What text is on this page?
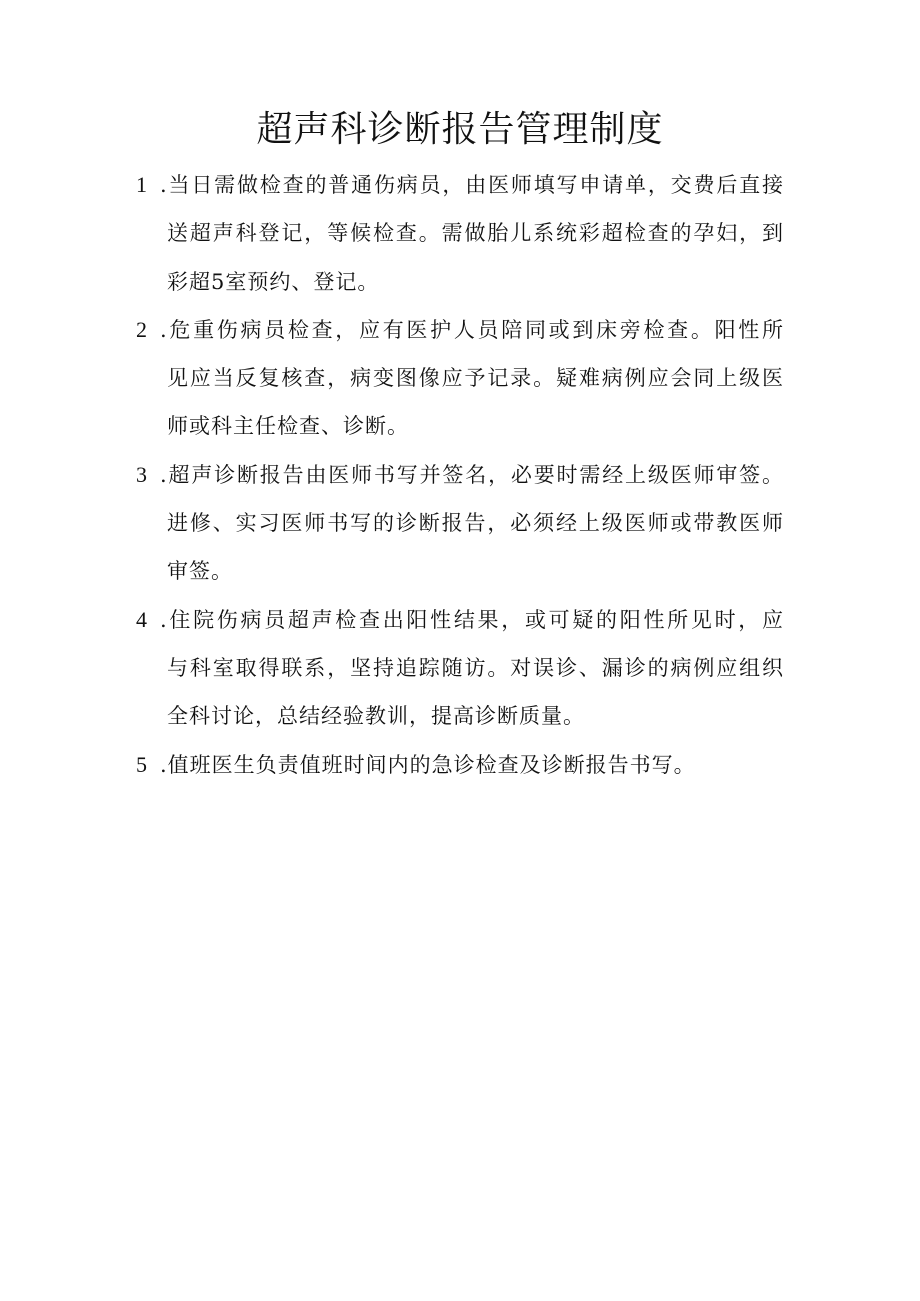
超声科诊断报告管理制度
1 .当日需做检查的普通伤病员，由医师填写申请单，交费后直接
送超声科登记，等候检查。需做胎儿系统彩超检查的孕妇，到
彩超5室预约、登记。
2 .危重伤病员检查，应有医护人员陪同或到床旁检查。阳性所
见应当反复核查，病变图像应予记录。疑难病例应会同上级医
师或科主任检查、诊断。
3 .超声诊断报告由医师书写并签名，必要时需经上级医师审签。
进修、实习医师书写的诊断报告，必须经上级医师或带教医师
审签。
4 .住院伤病员超声检查出阳性结果，或可疑的阳性所见时，应
与科室取得联系，坚持追踪随访。对误诊、漏诊的病例应组织
全科讨论，总结经验教训，提高诊断质量。
5 .值班医生负责值班时间内的急诊检查及诊断报告书写。
